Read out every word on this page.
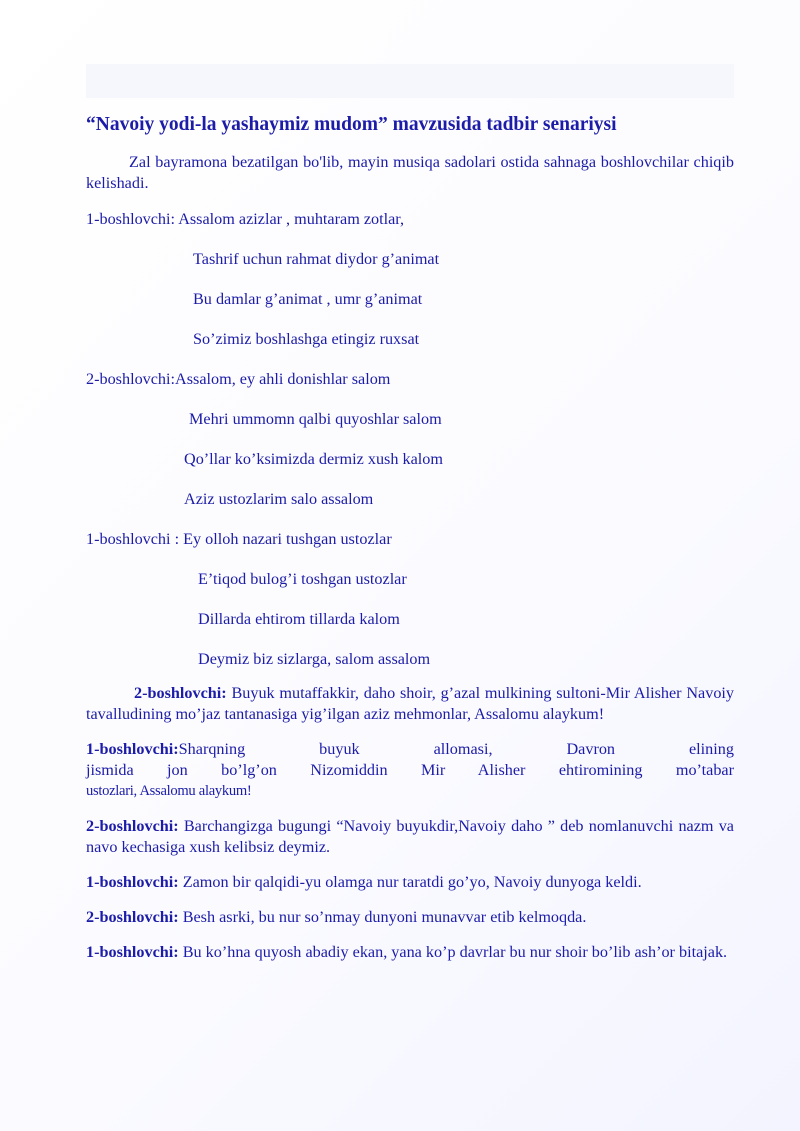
“Navoiy yodi-la yashaymiz mudom” mavzusida tadbir senariysi

Zal bayramona bezatilgan bo'lib, mayin musiqa sadolari ostida sahnaga boshlovchilar chiqib kelishadi.

1-boshlovchi: Assalom azizlar , muhtaram zotlar,
Tashrif uchun rahmat diydor g’animat
Bu damlar g’animat , umr g’animat
So’zimiz boshlashga etingiz ruxsat
2-boshlovchi:Assalom, ey ahli donishlar salom
Mehri ummomn qalbi quyoshlar salom
Qo’llar ko’ksimizda dermiz xush kalom
Aziz ustozlarim salo assalom
1-boshlovchi : Ey olloh nazari tushgan ustozlar
E’tiqod bulog’i toshgan ustozlar
Dillarda ehtirom tillarda kalom
Deymiz biz sizlarga, salom assalom

2-boshlovchi: Buyuk mutaffakkir, daho shoir, g’azal mulkining sultoni-Mir Alisher Navoiy tavalludining mo’jaz tantanasiga yig’ilgan aziz mehmonlar, Assalomu alaykum!

1-boshlovchi:Sharqning	buyuk	allomasi,	Davron	elining
jismida jon bo’lg’on Nizomiddin Mir Alisher ehtiromining mo’tabar
ustozlari, Assalomu alaykum!

2-boshlovchi: Barchangizga bugungi “Navoiy buyukdir,Navoiy daho ” deb nomlanuvchi nazm va navo kechasiga xush kelibsiz deymiz.

1-boshlovchi: Zamon bir qalqidi-yu olamga nur taratdi go’yo, Navoiy dunyoga keldi.

2-boshlovchi: Besh asrki, bu nur so’nmay dunyoni munavvar etib kelmoqda.

1-boshlovchi: Bu ko’hna quyosh abadiy ekan, yana ko’p davrlar bu nur shoir bo’lib ash’or bitajak.
